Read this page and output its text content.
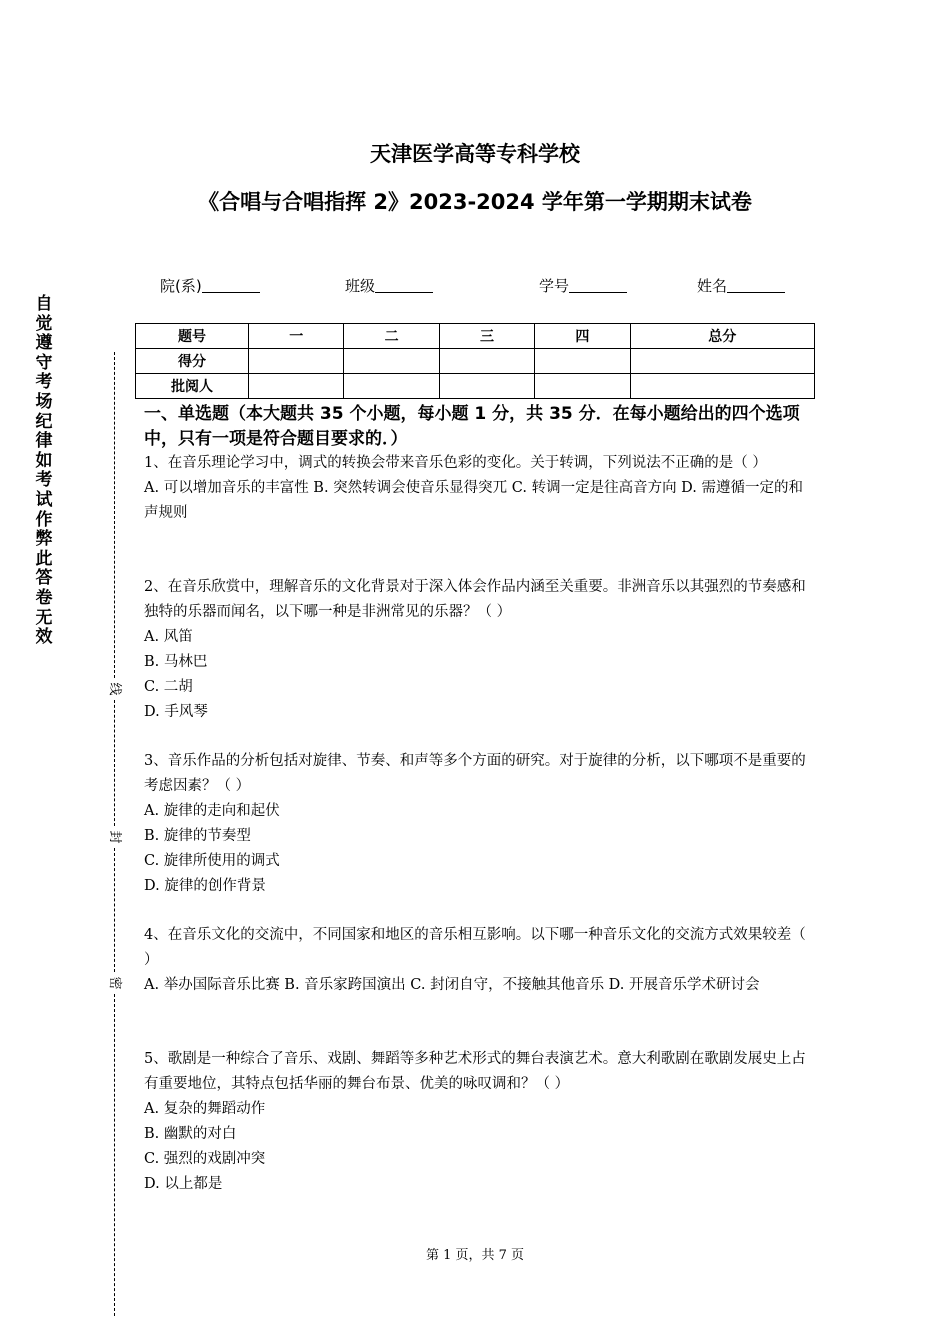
天津医学高等专科学校
《合唱与合唱指挥 2》2023-2024 学年第一学期期末试卷
院(系)	班级	学号	姓名
题号	一	二	三	四	总分
得分					
批阅人					
自觉遵守考场纪律如考试作弊此答卷无效
线
封
密
一、单选题（本大题共 35 个小题，每小题 1 分，共 35 分．在每小题给出的四个选项中，只有一项是符合题目要求的．）

1、在音乐理论学习中，调式的转换会带来音乐色彩的变化。关于转调，下列说法不正确的是（ ）

A. 可以增加音乐的丰富性 B. 突然转调会使音乐显得突兀 C. 转调一定是往高音方向 D. 需遵循一定的和声规则

2、在音乐欣赏中，理解音乐的文化背景对于深入体会作品内涵至关重要。非洲音乐以其强烈的节奏感和独特的乐器而闻名，以下哪一种是非洲常见的乐器？（ ）

A. 风笛
B. 马林巴
C. 二胡
D. 手风琴

3、音乐作品的分析包括对旋律、节奏、和声等多个方面的研究。对于旋律的分析，以下哪项不是重要的考虑因素？（ ）

A. 旋律的走向和起伏
B. 旋律的节奏型
C. 旋律所使用的调式
D. 旋律的创作背景

4、在音乐文化的交流中，不同国家和地区的音乐相互影响。以下哪一种音乐文化的交流方式效果较差（ ）

A. 举办国际音乐比赛 B. 音乐家跨国演出 C. 封闭自守，不接触其他音乐 D. 开展音乐学术研讨会

5、歌剧是一种综合了音乐、戏剧、舞蹈等多种艺术形式的舞台表演艺术。意大利歌剧在歌剧发展史上占有重要地位，其特点包括华丽的舞台布景、优美的咏叹调和？（ ）

A. 复杂的舞蹈动作
B. 幽默的对白
C. 强烈的戏剧冲突
D. 以上都是
第 1 页，共 7 页
